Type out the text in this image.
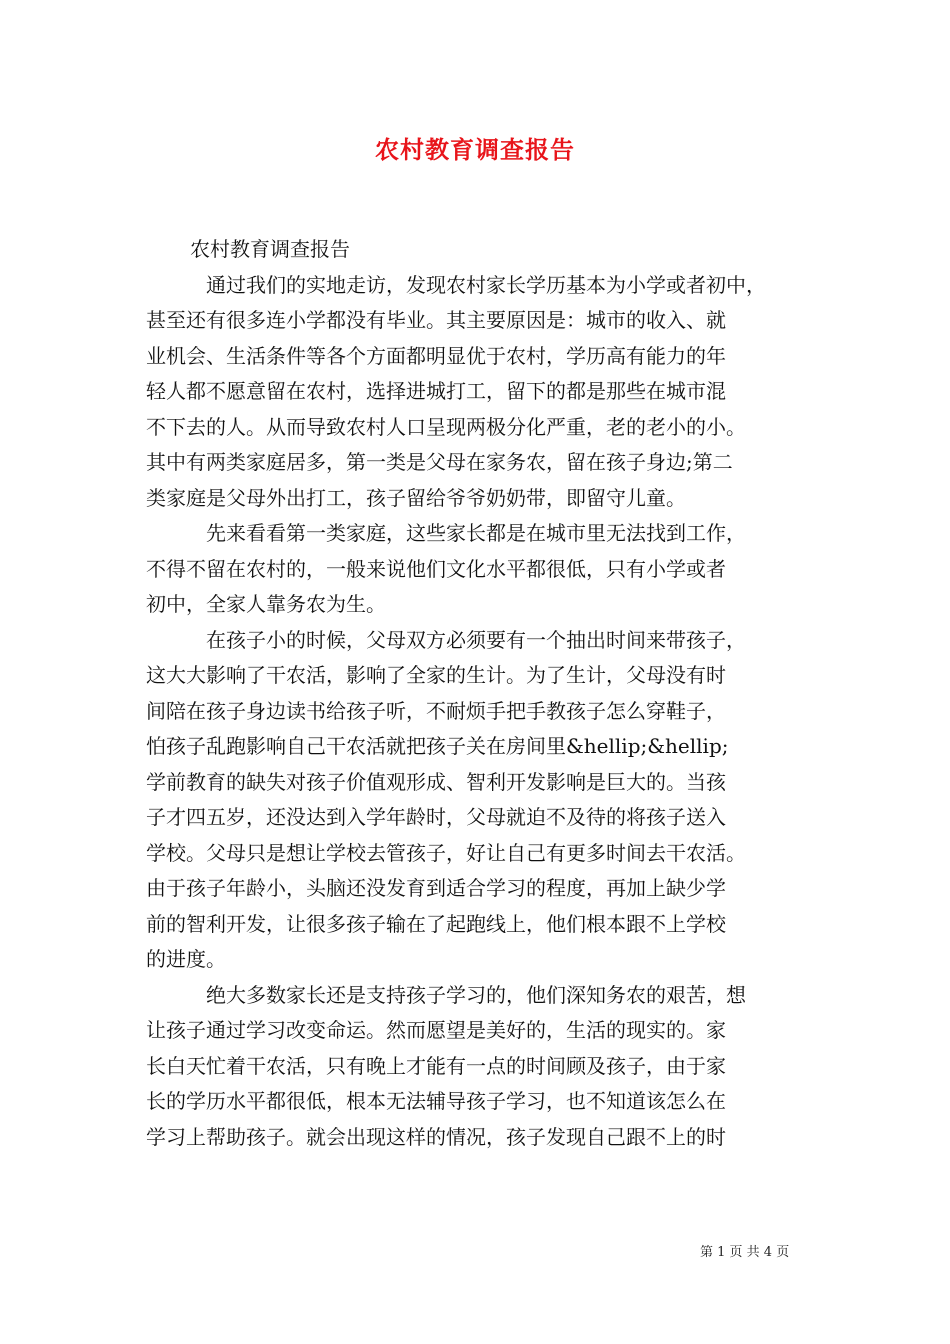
农村教育调查报告

农村教育调查报告

通过我们的实地走访，发现农村家长学历基本为小学或者初中，

甚至还有很多连小学都没有毕业。其主要原因是：城市的收入、就

业机会、生活条件等各个方面都明显优于农村，学历高有能力的年

轻人都不愿意留在农村，选择进城打工，留下的都是那些在城市混

不下去的人。从而导致农村人口呈现两极分化严重，老的老小的小。

其中有两类家庭居多，第一类是父母在家务农，留在孩子身边;第二

类家庭是父母外出打工，孩子留给爷爷奶奶带，即留守儿童。

先来看看第一类家庭，这些家长都是在城市里无法找到工作，

不得不留在农村的，一般来说他们文化水平都很低，只有小学或者

初中，全家人靠务农为生。

在孩子小的时候，父母双方必须要有一个抽出时间来带孩子，

这大大影响了干农活，影响了全家的生计。为了生计，父母没有时

间陪在孩子身边读书给孩子听，不耐烦手把手教孩子怎么穿鞋子，

怕孩子乱跑影响自己干农活就把孩子关在房间里&hellip;&hellip;

学前教育的缺失对孩子价值观形成、智利开发影响是巨大的。当孩

子才四五岁，还没达到入学年龄时，父母就迫不及待的将孩子送入

学校。父母只是想让学校去管孩子，好让自己有更多时间去干农活。

由于孩子年龄小，头脑还没发育到适合学习的程度，再加上缺少学

前的智利开发，让很多孩子输在了起跑线上，他们根本跟不上学校

的进度。

绝大多数家长还是支持孩子学习的，他们深知务农的艰苦，想

让孩子通过学习改变命运。然而愿望是美好的，生活的现实的。家

长白天忙着干农活，只有晚上才能有一点的时间顾及孩子，由于家

长的学历水平都很低，根本无法辅导孩子学习，也不知道该怎么在

学习上帮助孩子。就会出现这样的情况，孩子发现自己跟不上的时

第 1 页 共 4 页
